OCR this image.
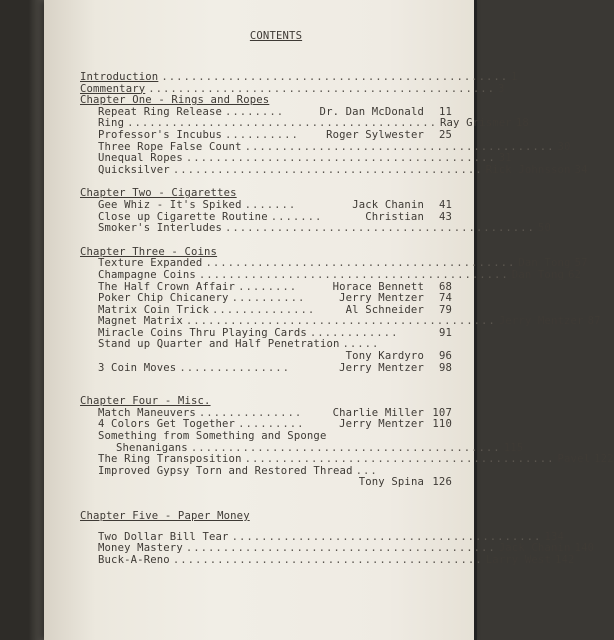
CONTENTS
Introduction ............................................... 1
Commentary ............................................... 3
Chapter One - Rings and Ropes
Repeat Ring Release ........	Dr. Dan McDonald	11
Ring .......................................... Ray Grismer 18
Professor's Incubus ..........	Roger Sylwester	25
Three Rope False Count .......................................... 30
Unequal Ropes .......................................... 31
Quicksilver .......................................... Rick Johnsson 34
Chapter Two - Cigarettes
Gee Whiz - It's Spiked .......	Jack Chanin	41
Close up Cigarette Routine .......	Christian	43
Smoker's Interludes .......................................... 50
Chapter Three - Coins
Texture Expanded .......................................... Dan Tong 57
Champagne Coins .......................................... Dan Tong 62
The Half Crown Affair ........	Horace Bennett	68
Poker Chip Chicanery ..........	Jerry Mentzer	74
Matrix Coin Trick ..............	Al Schneider	79
Magnet Matrix .......................................... Jerry Mentzer 87
Miracle Coins Thru Playing Cards ............	91
Stand up Quarter and Half Penetration .....
Tony Kardyro	96
3 Coin Moves ...............	Jerry Mentzer	98
Chapter Four - Misc.
Match Maneuvers ..............	Charlie Miller 107
4 Colors Get Together .........	Jerry Mentzer 110
Something from Something and Sponge
Shenanigans .......................................... 115
The Ring Transposition .......................................... Pavel 122
Improved Gypsy Torn and Restored Thread ...
Tony Spina 126
Chapter Five - Paper Money
Two Dollar Bill Tear .......................................... 134
Money Mastery .......................................... Jack Chanin 140
Buck-A-Reno .......................................... Larry West 142
